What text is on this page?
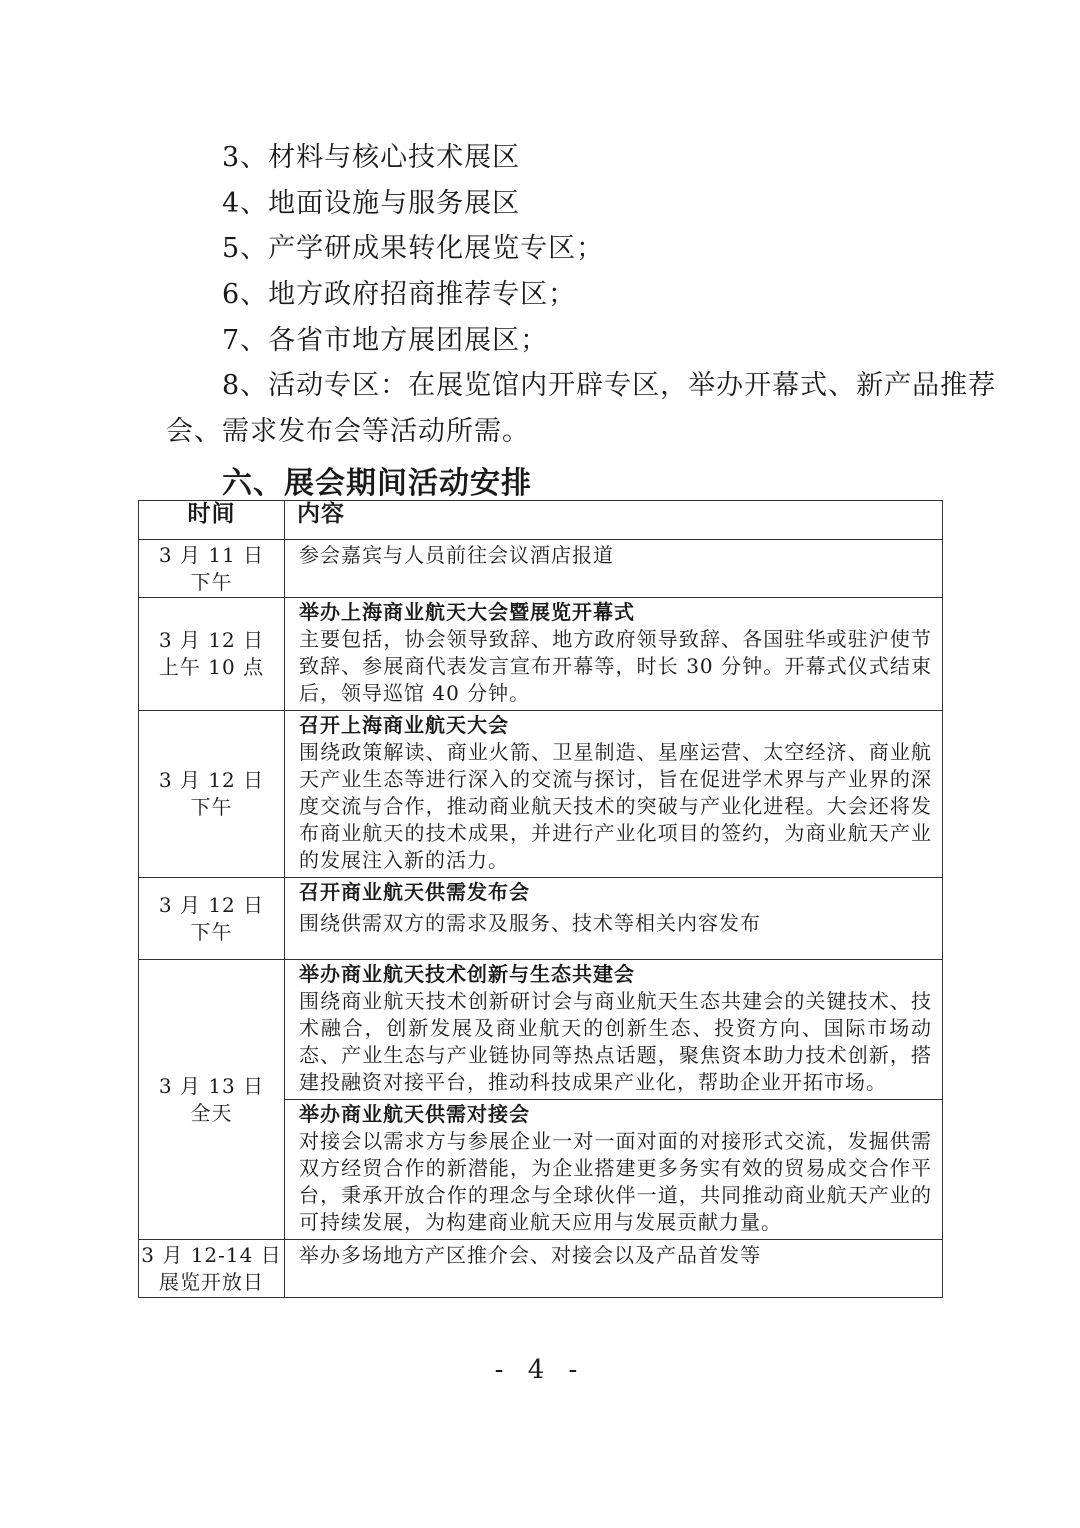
3、材料与核心技术展区
4、地面设施与服务展区
5、产学研成果转化展览专区；
6、地方政府招商推荐专区；
7、各省市地方展团展区；
8、活动专区：在展览馆内开辟专区，举办开幕式、新产品推荐
会、需求发布会等活动所需。
六、展会期间活动安排
时间	内容

3 月 11 日
下午	参会嘉宾与人员前往会议酒店报道

3 月 12 日
上午 10 点	举办上海商业航天大会暨展览开幕式
主要包括，协会领导致辞、地方政府领导致辞、各国驻华或驻沪使节致辞、参展商代表发言宣布开幕等，时长 30 分钟。开幕式仪式结束后，领导巡馆 40 分钟。

3 月 12 日
下午	召开上海商业航天大会
围绕政策解读、商业火箭、卫星制造、星座运营、太空经济、商业航天产业生态等进行深入的交流与探讨，旨在促进学术界与产业界的深度交流与合作，推动商业航天技术的突破与产业化进程。大会还将发布商业航天的技术成果，并进行产业化项目的签约，为商业航天产业的发展注入新的活力。

3 月 12 日
下午	召开商业航天供需发布会
围绕供需双方的需求及服务、技术等相关内容发布

3 月 13 日
全天	举办商业航天技术创新与生态共建会
围绕商业航天技术创新研讨会与商业航天生态共建会的关键技术、技术融合，创新发展及商业航天的创新生态、投资方向、国际市场动态、产业生态与产业链协同等热点话题，聚焦资本助力技术创新，搭建投融资对接平台，推动科技成果产业化，帮助企业开拓市场。

	举办商业航天供需对接会
对接会以需求方与参展企业一对一面对面的对接形式交流，发掘供需双方经贸合作的新潜能，为企业搭建更多务实有效的贸易成交合作平台，秉承开放合作的理念与全球伙伴一道，共同推动商业航天产业的可持续发展，为构建商业航天应用与发展贡献力量。

3 月 12-14 日
展览开放日	举办多场地方产区推介会、对接会以及产品首发等
- 4 -
